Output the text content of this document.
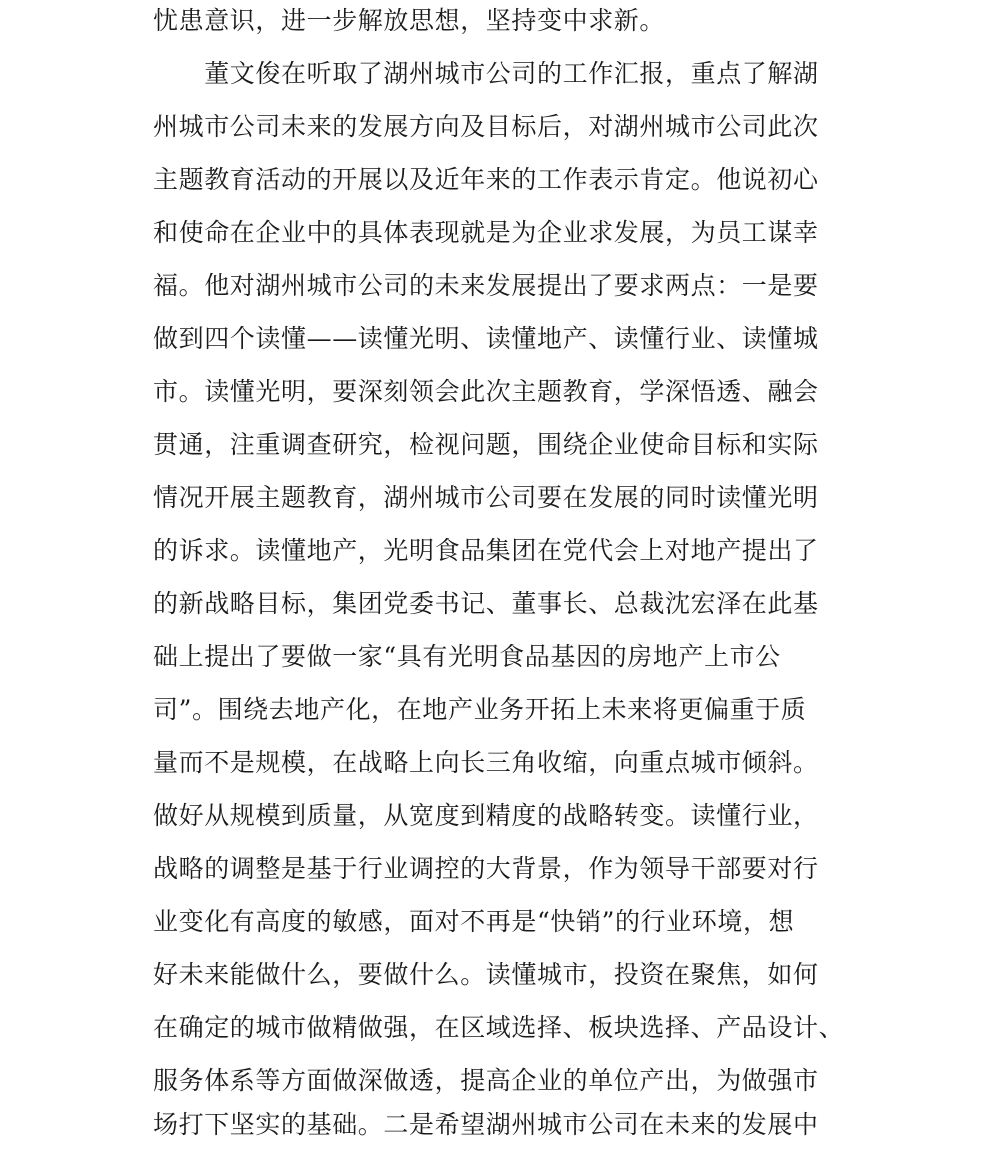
忧患意识，进一步解放思想，坚持变中求新。
　　董文俊在听取了湖州城市公司的工作汇报，重点了解湖
州城市公司未来的发展方向及目标后，对湖州城市公司此次
主题教育活动的开展以及近年来的工作表示肯定。他说初心
和使命在企业中的具体表现就是为企业求发展，为员工谋幸
福。他对湖州城市公司的未来发展提出了要求两点：一是要
做到四个读懂——读懂光明、读懂地产、读懂行业、读懂城
市。读懂光明，要深刻领会此次主题教育，学深悟透、融会
贯通，注重调查研究，检视问题，围绕企业使命目标和实际
情况开展主题教育，湖州城市公司要在发展的同时读懂光明
的诉求。读懂地产，光明食品集团在党代会上对地产提出了
的新战略目标，集团党委书记、董事长、总裁沈宏泽在此基
础上提出了要做一家“具有光明食品基因的房地产上市公
司”。围绕去地产化，在地产业务开拓上未来将更偏重于质
量而不是规模，在战略上向长三角收缩，向重点城市倾斜。
做好从规模到质量，从宽度到精度的战略转变。读懂行业，
战略的调整是基于行业调控的大背景，作为领导干部要对行
业变化有高度的敏感，面对不再是“快销”的行业环境，想
好未来能做什么，要做什么。读懂城市，投资在聚焦，如何
在确定的城市做精做强，在区域选择、板块选择、产品设计、
服务体系等方面做深做透，提高企业的单位产出，为做强市
场打下坚实的基础。二是希望湖州城市公司在未来的发展中
